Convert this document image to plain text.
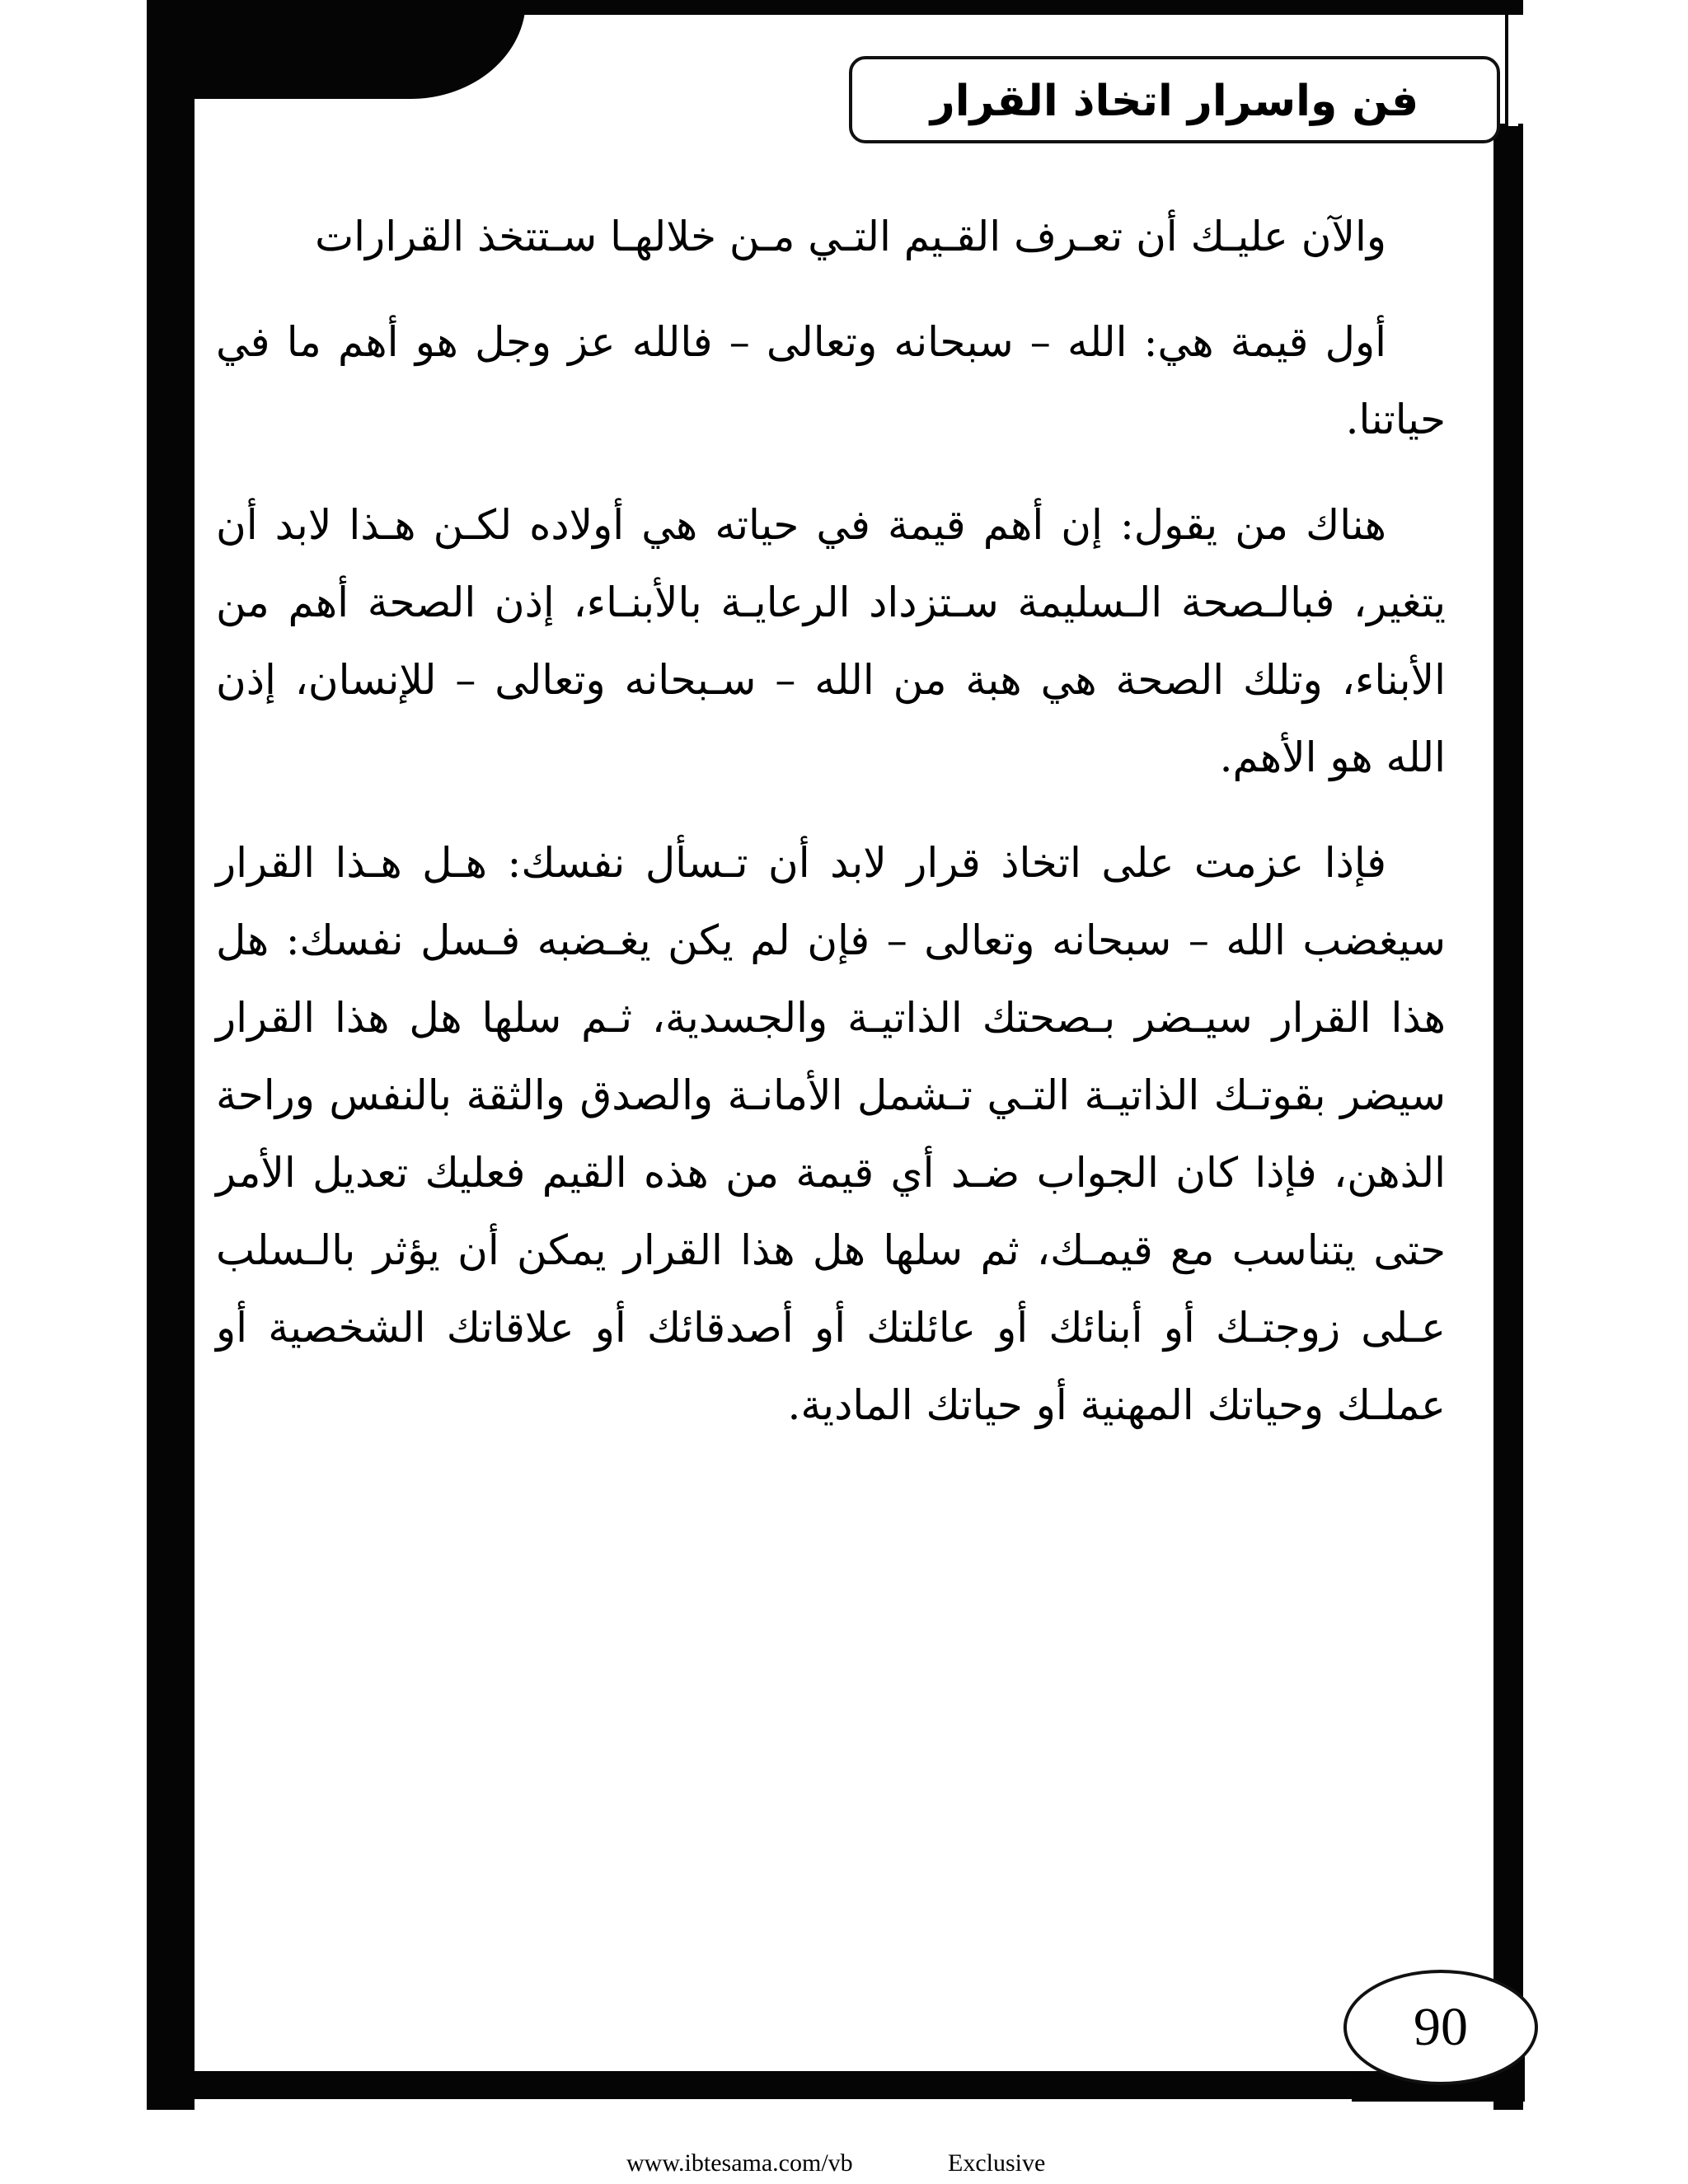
فن واسرار اتخاذ القرار

والآن عليـك أن تعـرف القـيم التـي مـن خلالهـا سـتتخذ القرارات

أول قيمة هي: الله – سبحانه وتعالى – فالله عز وجل هو أهم ما في حياتنا.

هناك من يقول: إن أهم قيمة في حياته هي أولاده لكـن هـذا لابد أن يتغير، فبالـصحة الـسليمة سـتزداد الرعايـة بالأبنـاء، إذن الصحة أهم من الأبناء، وتلك الصحة هي هبة من الله – سـبحانه وتعالى – للإنسان، إذن الله هو الأهم.

فإذا عزمت على اتخاذ قرار لابد أن تـسأل نفسك: هـل هـذا القرار سيغضب الله – سبحانه وتعالى – فإن لم يكن يغـضبه فـسل نفسك: هل هذا القرار سيـضر بـصحتك الذاتيـة والجسدية، ثـم سلها هل هذا القرار سيضر بقوتـك الذاتيـة التـي تـشمل الأمانـة والصدق والثقة بالنفس وراحة الذهن، فإذا كان الجواب ضـد أي قيمة من هذه القيم فعليك تعديل الأمر حتى يتناسب مع قيمـك، ثم سلها هل هذا القرار يمكن أن يؤثر بالـسلب عـلى زوجتـك أو أبنائك أو عائلتك أو أصدقائك أو علاقاتك الشخصية أو عملـك وحياتك المهنية أو حياتك المادية.

90
www.ibtesama.com/vb	Exclusive
